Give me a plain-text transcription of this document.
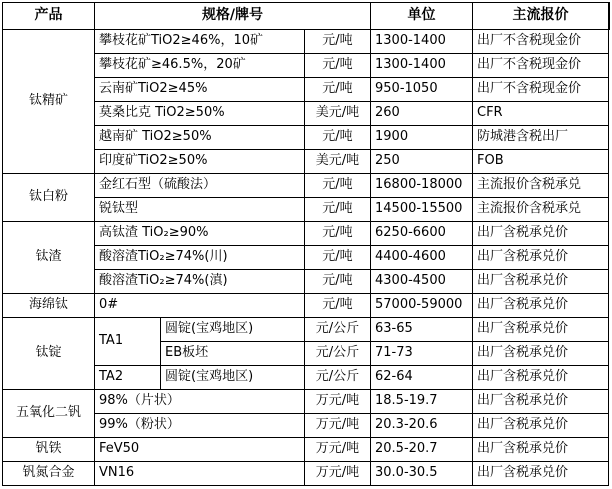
产品	规格/牌号			单位	主流报价	
钛精矿	攀枝花矿TiO2≥46%，10矿		元/吨	1300-1400	出厂不含税现金价	
	攀枝花矿≥46.5%，20矿		元/吨	1300-1400	出厂不含税现金价	
	云南矿TiO2≥45%		元/吨	950-1050	出厂不含税现金价	
	莫桑比克 TiO2≥50%		美元/吨	260	CFR	
	越南矿 TiO2≥50%		元/吨	1900	防城港含税出厂	
	印度矿TiO2≥50%		美元/吨	250	FOB	
钛白粉	金红石型（硫酸法）		元/吨	16800-18000	主流报价含税承兑	
	锐钛型		元/吨	14500-15500	主流报价含税承兑	
钛渣	高钛渣 TiO₂≥90%		元/吨	6250-6600	出厂含税承兑价	
	酸溶渣TiO₂≥74%(川)		元/吨	4400-4600	出厂含税承兑价	
	酸溶渣TiO₂≥74%(滇)		元/吨	4300-4500	出厂含税承兑价	
海绵钛	0#		元/吨	57000-59000	出厂含税承兑价	
钛锭	TA1	圆锭(宝鸡地区)	元/公斤	63-65	出厂含税承兑价	
		EB板坯	元/公斤	71-73	出厂含税承兑价	
	TA2	圆锭(宝鸡地区)	元/公斤	62-64	出厂含税承兑价	
五氧化二钒	98%（片状）		万元/吨	18.5-19.7	出厂含税承兑价	
	99%（粉状）		万元/吨	20.3-20.6	出厂含税承兑价	
钒铁	FeV50		万元/吨	20.5-20.7	出厂含税承兑价	
钒氮合金	VN16		万元/吨	30.0-30.5	出厂含税承兑价	
